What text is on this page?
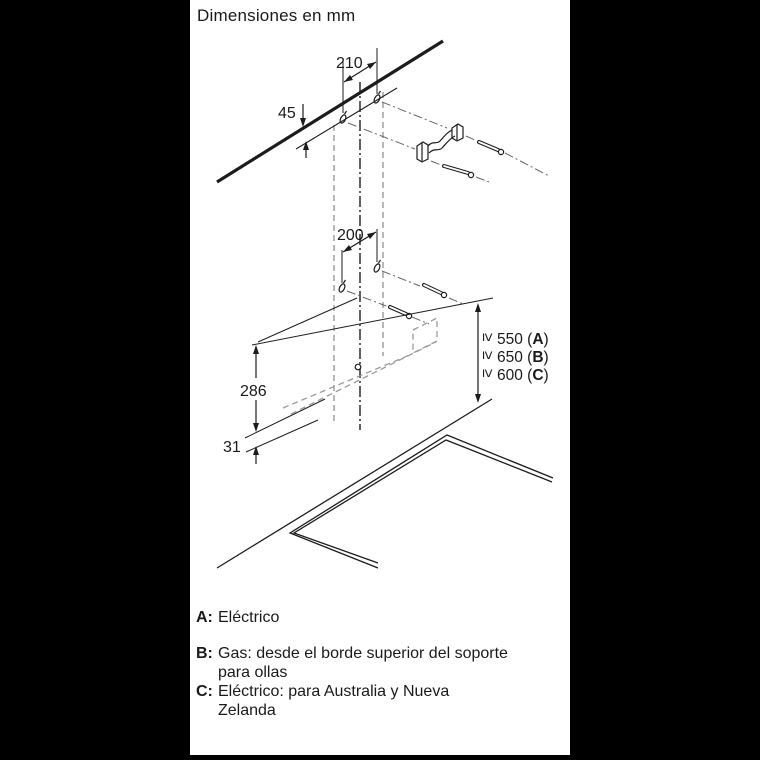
Dimensiones en mm
210
45
200
286
31
≥ 550 (A)
≥ 650 (B)
≥ 600 (C)
A: Eléctrico
B: Gas: desde el borde superior del soporte
para ollas
C: Eléctrico: para Australia y Nueva
Zelanda
